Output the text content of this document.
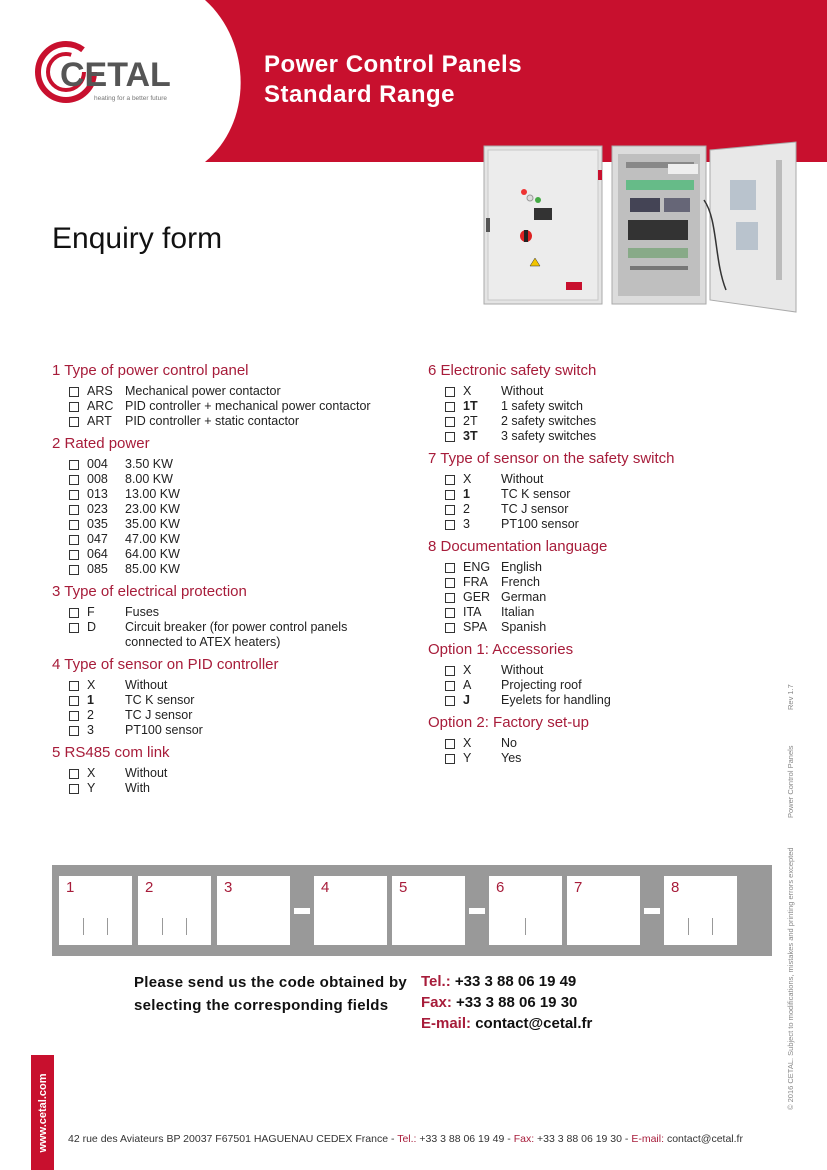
CETAL
heating for a better future
Power Control Panels
Standard Range
Enquiry form
1 Type of power control panel
ARS Mechanical power contactor
ARC PID controller + mechanical power contactor
ART	PID controller + static contactor
2 Rated power
004	3.50 KW
008	8.00 KW
013	13.00 KW
023	23.00 KW
035	35.00 KW
047	47.00 KW
064	64.00 KW
085	85.00 KW
3 Type of electrical protection
F	Fuses
D	Circuit breaker (for power control panels connected to ATEX heaters)
4 Type of sensor on PID controller
X	Without
1	TC K sensor
2	TC J sensor
3	PT100 sensor
5 RS485 com link
X	Without
Y	With
6 Electronic safety switch
X	Without
1T	1 safety switch
2T	2 safety switches
3T	3 safety switches
7 Type of sensor on the safety switch
X	Without
1	TC K sensor
2	TC J sensor
3	PT100 sensor
8 Documentation language
ENG English
FRA	French
GER German
ITA	Italian
SPA	Spanish
Option 1: Accessories
X	Without
A	Projecting roof
J	Eyelets for handling
Option 2: Factory set-up
X	No
Y	Yes
1	2	3	4	5	6	7	8
Please send us the code obtained by selecting the corresponding fields
Tel.: +33 3 88 06 19 49
Fax: +33 3 88 06 19 30
E-mail: contact@cetal.fr
www.cetal.com
Rev 1.7
Power Control Panels
© 2016 CETAL. Subject to modifications, mistakes and printing errors excepted
42 rue des Aviateurs BP 20037 F67501 HAGUENAU CEDEX France - Tel.: +33 3 88 06 19 49 - Fax: +33 3 88 06 19 30 - E-mail: contact@cetal.fr
